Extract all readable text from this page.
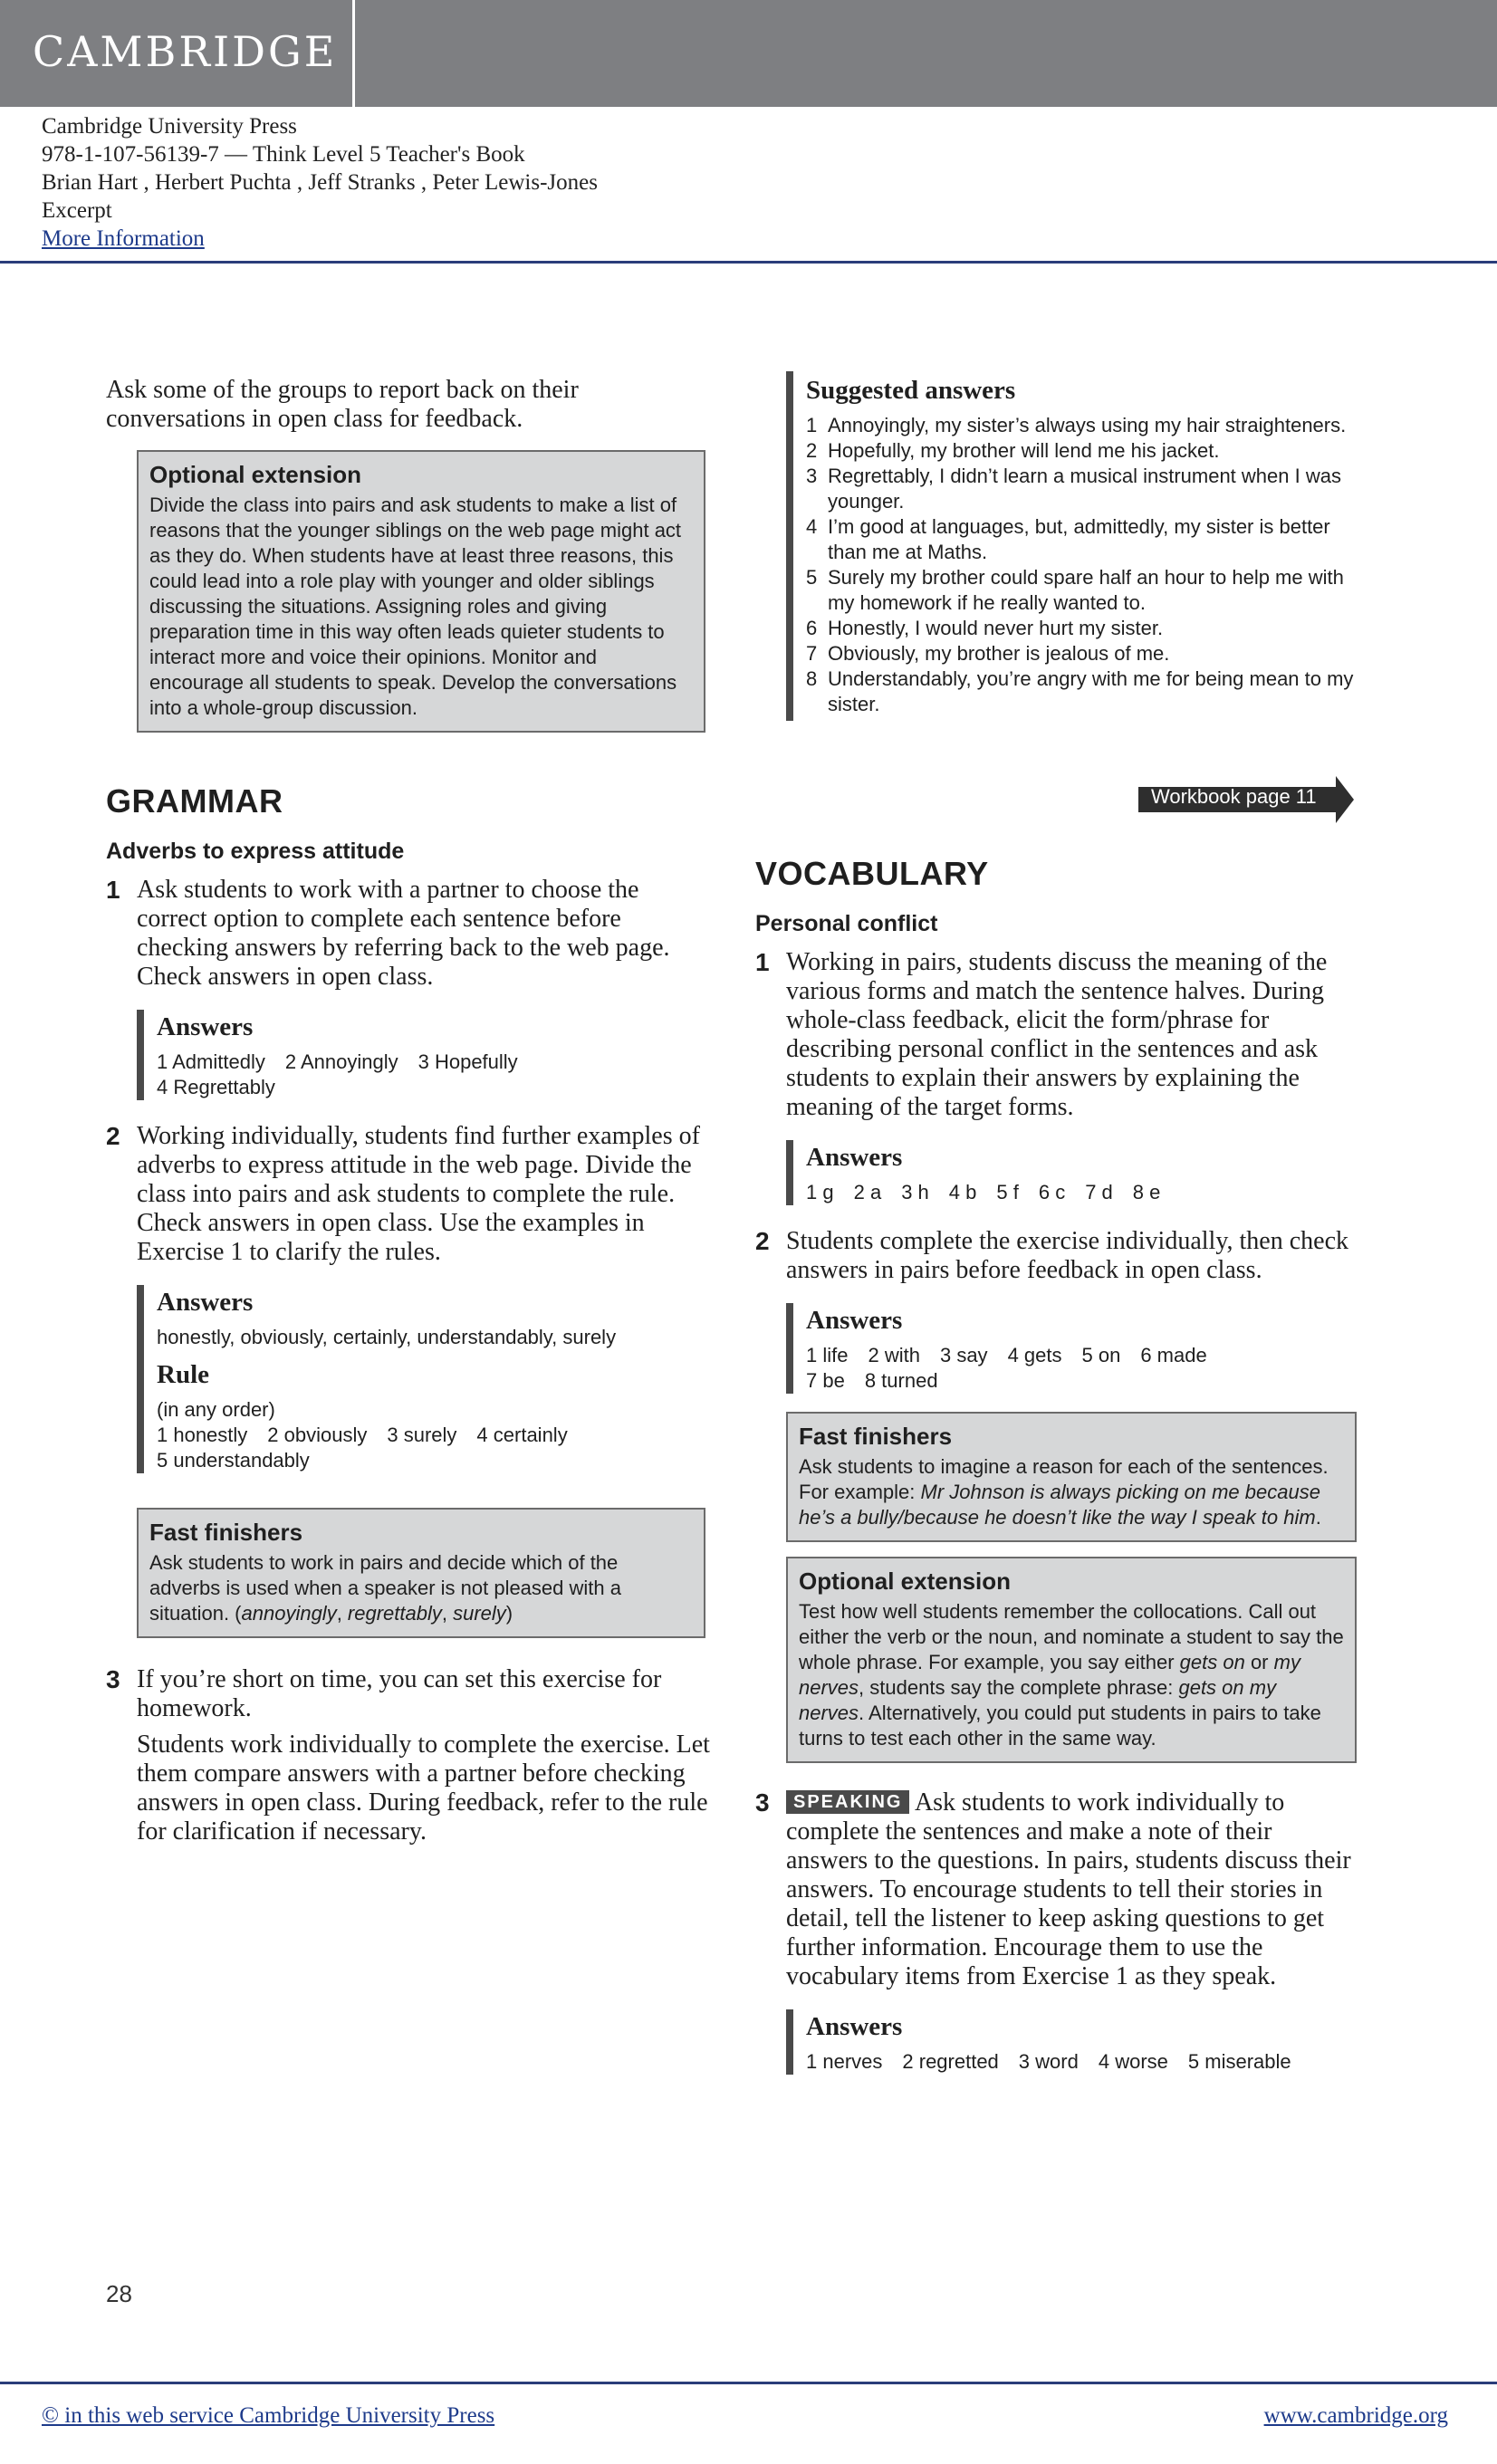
CAMBRIDGE
Cambridge University Press
978-1-107-56139-7 — Think Level 5 Teacher's Book
Brian Hart , Herbert Puchta , Jeff Stranks , Peter Lewis-Jones
Excerpt
More Information

Ask some of the groups to report back on their conversations in open class for feedback.

Optional extension
Divide the class into pairs and ask students to make a list of reasons that the younger siblings on the web page might act as they do. When students have at least three reasons, this could lead into a role play with younger and older siblings discussing the situations. Assigning roles and giving preparation time in this way often leads quieter students to interact more and voice their opinions. Monitor and encourage all students to speak. Develop the conversations into a whole-group discussion.
GRAMMAR
Adverbs to express attitude
1 Ask students to work with a partner to choose the correct option to complete each sentence before checking answers by referring back to the web page. Check answers in open class.
Answers
1 Admittedly 2 Annoyingly 3 Hopefully
4 Regrettably
2 Working individually, students find further examples of adverbs to express attitude in the web page. Divide the class into pairs and ask students to complete the rule. Check answers in open class. Use the examples in Exercise 1 to clarify the rules.
Answers
honestly, obviously, certainly, understandably, surely
Rule
(in any order)
1 honestly 2 obviously 3 surely 4 certainly
5 understandably
Fast finishers
Ask students to work in pairs and decide which of the adverbs is used when a speaker is not pleased with a situation. (annoyingly, regrettably, surely)
3 If you’re short on time, you can set this exercise for homework.
Students work individually to complete the exercise. Let them compare answers with a partner before checking answers in open class. During feedback, refer to the rule for clarification if necessary.
Suggested answers
1 Annoyingly, my sister’s always using my hair straighteners.
2 Hopefully, my brother will lend me his jacket.
3 Regrettably, I didn’t learn a musical instrument when I was younger.
4 I’m good at languages, but, admittedly, my sister is better than me at Maths.
5 Surely my brother could spare half an hour to help me with my homework if he really wanted to.
6 Honestly, I would never hurt my sister.
7 Obviously, my brother is jealous of me.
8 Understandably, you’re angry with me for being mean to my sister.
Workbook page 11
VOCABULARY
Personal conflict
1 Working in pairs, students discuss the meaning of the various forms and match the sentence halves. During whole-class feedback, elicit the form/phrase for describing personal conflict in the sentences and ask students to explain their answers by explaining the meaning of the target forms.
Answers
1 g 2 a 3 h 4 b 5 f 6 c 7 d 8 e
2 Students complete the exercise individually, then check answers in pairs before feedback in open class.
Answers
1 life 2 with 3 say 4 gets 5 on 6 made
7 be 8 turned
Fast finishers
Ask students to imagine a reason for each of the sentences. For example: Mr Johnson is always picking on me because he’s a bully/because he doesn’t like the way I speak to him.
Optional extension
Test how well students remember the collocations. Call out either the verb or the noun, and nominate a student to say the whole phrase. For example, you say either gets on or my nerves, students say the complete phrase: gets on my nerves. Alternatively, you could put students in pairs to take turns to test each other in the same way.
3	SPEAKING Ask students to work individually to complete the sentences and make a note of their answers to the questions. In pairs, students discuss their answers. To encourage students to tell their stories in detail, tell the listener to keep asking questions to get further information. Encourage them to use the vocabulary items from Exercise 1 as they speak.
Answers
1 nerves 2 regretted 3 word 4 worse 5 miserable
28
© in this web service Cambridge University Press	www.cambridge.org
